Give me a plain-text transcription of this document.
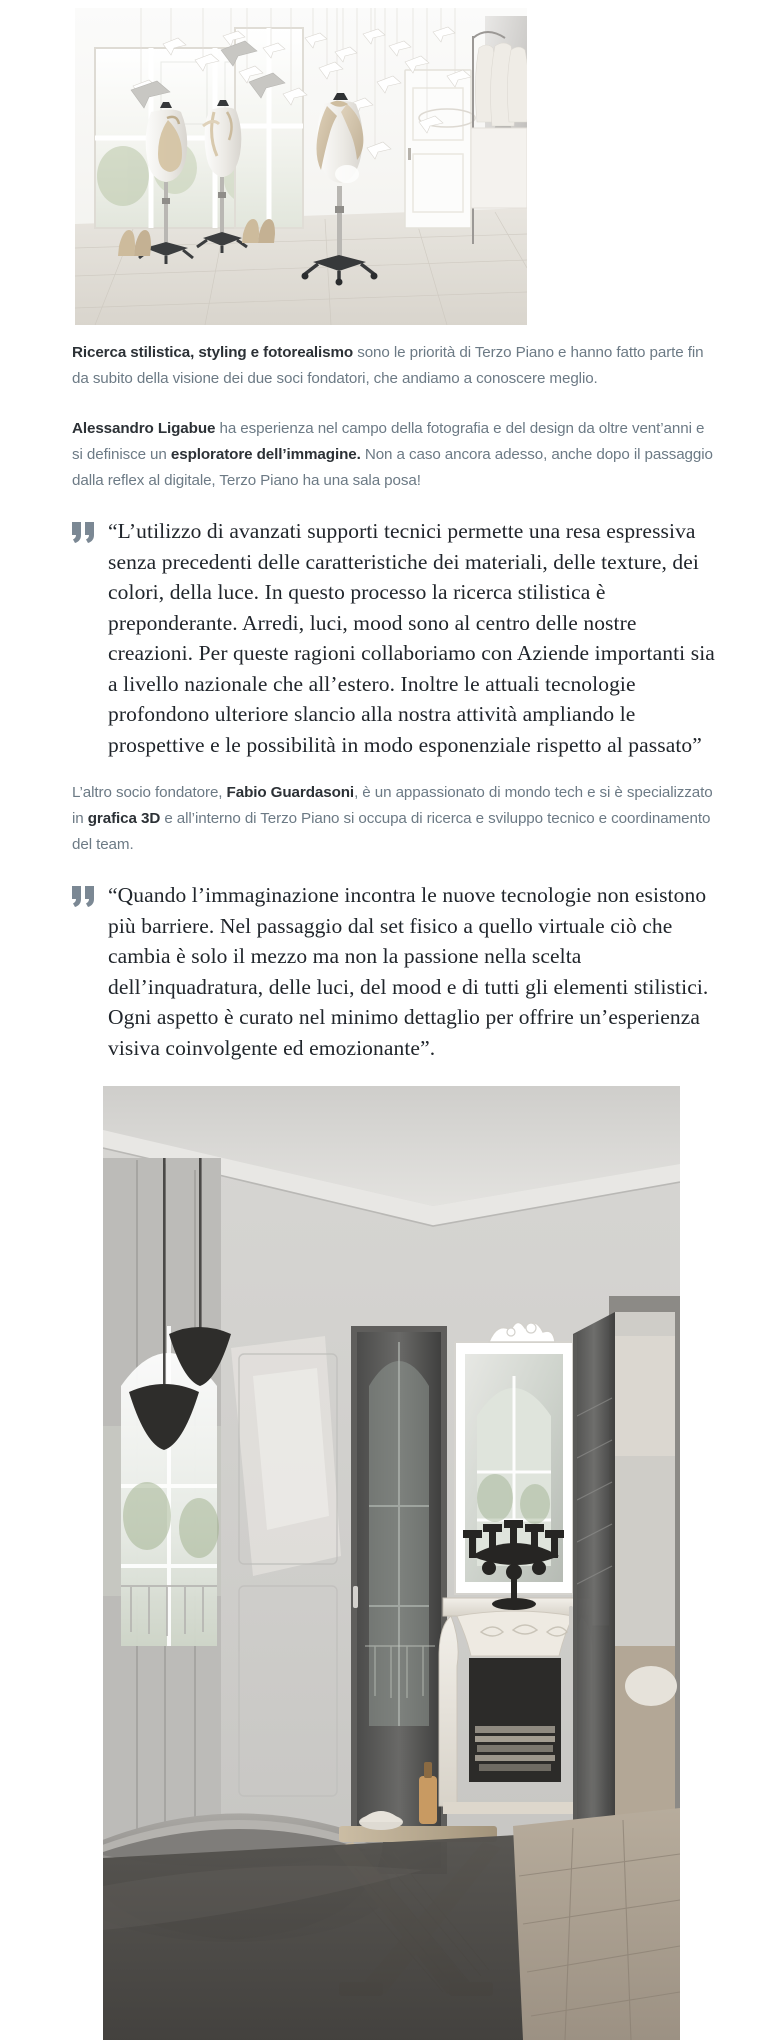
Ricerca stilistica, styling e fotorealismo sono le priorità di Terzo Piano e hanno fatto parte fin da subito della visione dei due soci fondatori, che andiamo a conoscere meglio.

Alessandro Ligabue ha esperienza nel campo della fotografia e del design da oltre vent’anni e si definisce un esploratore dell’immagine. Non a caso ancora adesso, anche dopo il passaggio dalla reflex al digitale, Terzo Piano ha una sala posa!

“L’utilizzo di avanzati supporti tecnici permette una resa espressiva senza precedenti delle caratteristiche dei materiali, delle texture, dei colori, della luce. In questo processo la ricerca stilistica è preponderante. Arredi, luci, mood sono al centro delle nostre creazioni. Per queste ragioni collaboriamo con Aziende importanti sia a livello nazionale che all’estero. Inoltre le attuali tecnologie profondono ulteriore slancio alla nostra attività ampliando le prospettive e le possibilità in modo esponenziale rispetto al passato”

L’altro socio fondatore, Fabio Guardasoni, è un appassionato di mondo tech e si è specializzato in grafica 3D e all’interno di Terzo Piano si occupa di ricerca e sviluppo tecnico e coordinamento del team.

“Quando l’immaginazione incontra le nuove tecnologie non esistono più barriere. Nel passaggio dal set fisico a quello virtuale ciò che cambia è solo il mezzo ma non la passione nella scelta dell’inquadratura, delle luci, del mood e di tutti gli elementi stilistici. Ogni aspetto è curato nel minimo dettaglio per offrire un’esperienza visiva coinvolgente ed emozionante”.
